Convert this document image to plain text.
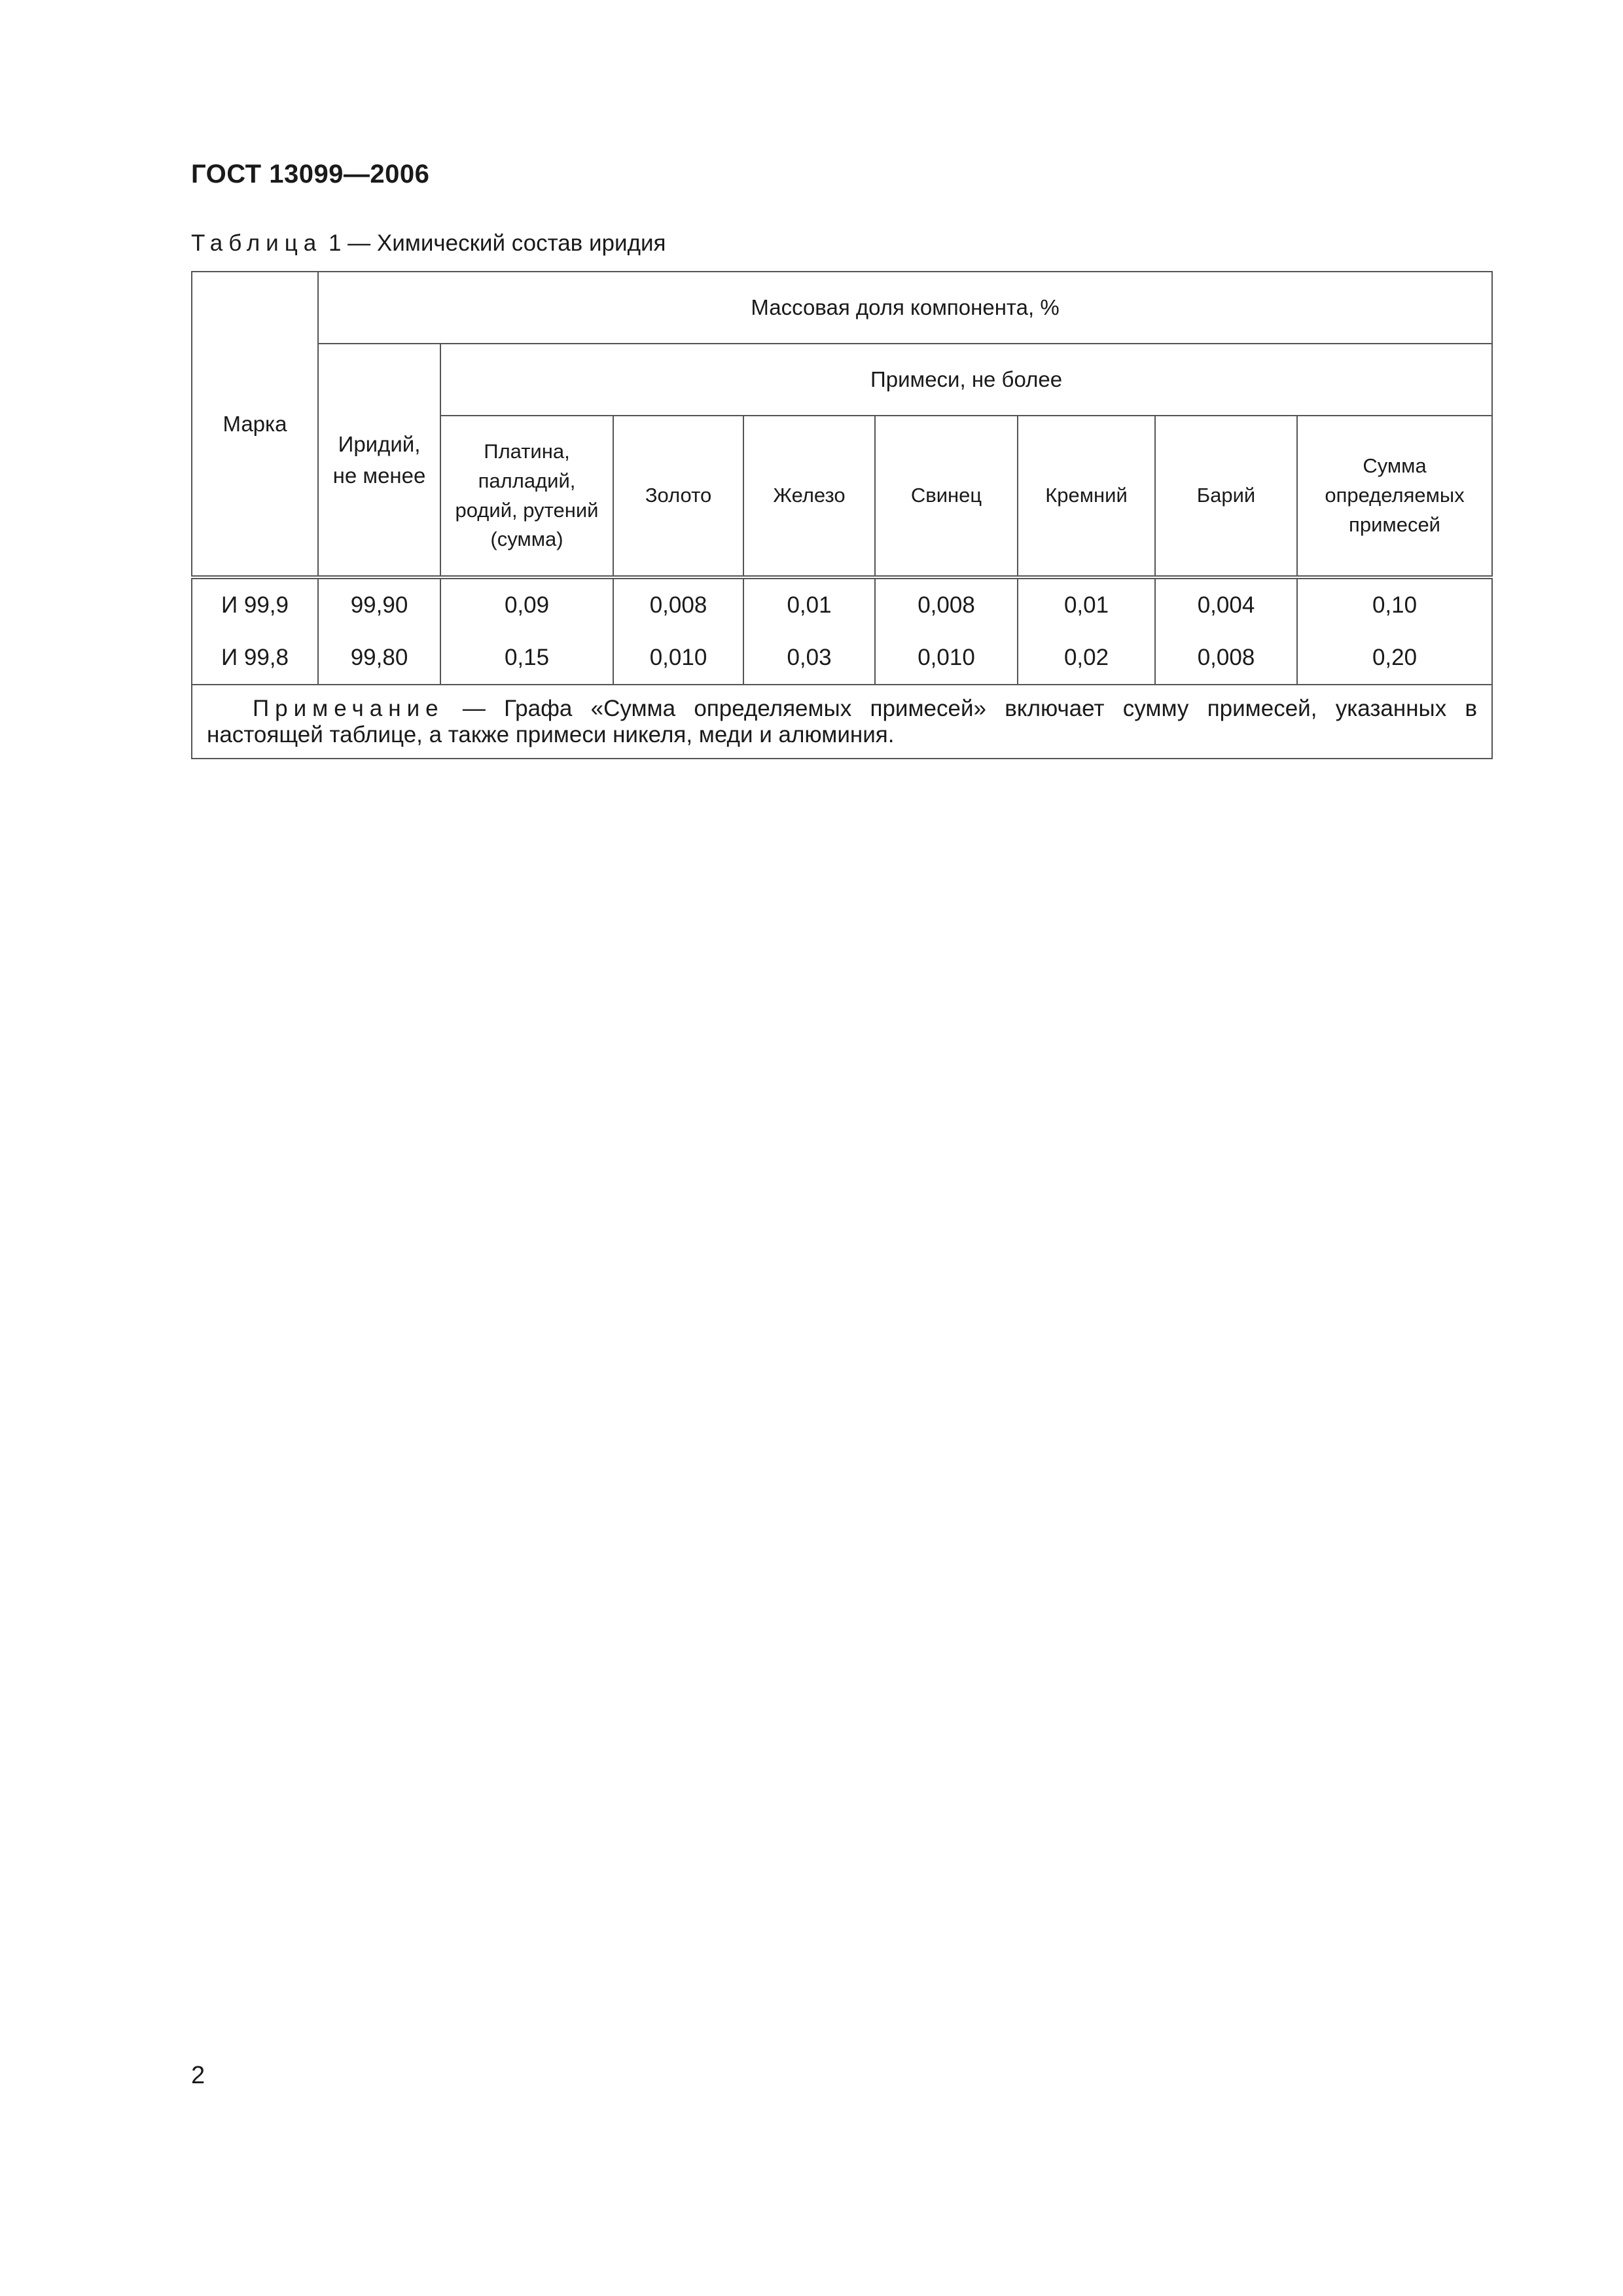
ГОСТ 13099—2006
Таблица 1 — Химический состав иридия
Марка	Массовая доля компонента, %							
	Иридий, не менее	Примеси, не более						
		Платина, палладий, родий, рутений (сумма)	Золото	Железо	Свинец	Кремний	Барий	Сумма определяемых примесей
И 99,9	99,90	0,09	0,008	0,01	0,008	0,01	0,004	0,10
И 99,8	99,80	0,15	0,010	0,03	0,010	0,02	0,008	0,20
  Примечание — Графа «Сумма определяемых примесей» включает сумму примесей, указанных в настоящей таблице, а также примеси никеля, меди и алюминия.								
2
